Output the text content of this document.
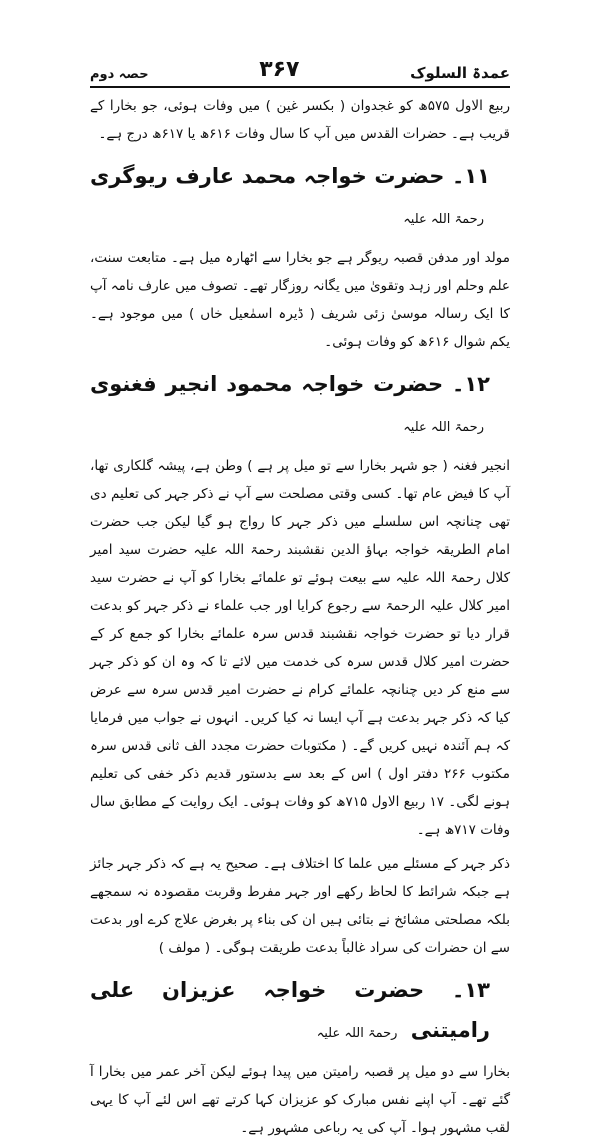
عمدۃ السلوک
۳۶۷
حصہ دوم

ربیع الاول ۵۷۵ھ کو غجدوان ( بکسر غین ) میں وفات ہوئی، جو بخارا کے قریب ہے۔ حضرات القدس میں آپ کا سال وفات ۶۱۶ھ یا ۶۱۷ھ درج ہے۔

۱۱۔ حضرت خواجہ محمد عارف ریوگری رحمۃ اللہ علیہ

مولد اور مدفن قصبہ ریوگر ہے جو بخارا سے اٹھارہ میل ہے۔ متابعت سنت، علم وحلم اور زہد وتقویٰ میں یگانہ روزگار تھے۔ تصوف میں عارف نامہ آپ کا ایک رسالہ موسیٰ زئی شریف ( ڈیرہ اسمٰعیل خاں ) میں موجود ہے۔ یکم شوال ۶۱۶ھ کو وفات ہوئی۔

۱۲۔ حضرت خواجہ محمود انجیر فغنوی رحمۃ اللہ علیہ

انجیر فغنہ ( جو شہر بخارا سے تو میل پر ہے ) وطن ہے، پیشہ گلکاری تھا، آپ کا فیض عام تھا۔ کسی وقتی مصلحت سے آپ نے ذکر جہر کی تعلیم دی تھی چنانچہ اس سلسلے میں ذکر جہر کا رواج ہو گیا لیکن جب حضرت امام الطریقہ خواجہ بہاؤ الدین نقشبند رحمۃ اللہ علیہ حضرت سید امیر کلال رحمۃ اللہ علیہ سے بیعت ہوئے تو علمائے بخارا کو آپ نے حضرت سید امیر کلال علیہ الرحمۃ سے رجوع کرایا اور جب علماء نے ذکر جہر کو بدعت قرار دیا تو حضرت خواجہ نقشبند قدس سرہ علمائے بخارا کو جمع کر کے حضرت امیر کلال قدس سرہ کی خدمت میں لائے تا کہ وہ ان کو ذکر جہر سے منع کر دیں چنانچہ علمائے کرام نے حضرت امیر قدس سرہ سے عرض کیا کہ ذکر جہر بدعت ہے آپ ایسا نہ کیا کریں۔ انہوں نے جواب میں فرمایا کہ ہم آئندہ نہیں کریں گے۔ ( مکتوبات حضرت مجدد الف ثانی قدس سرہ مکتوب ۲۶۶ دفتر اول ) اس کے بعد سے بدستور قدیم ذکر خفی کی تعلیم ہونے لگی۔ ۱۷ ربیع الاول ۷۱۵ھ کو وفات ہوئی۔ ایک روایت کے مطابق سال وفات ۷۱۷ھ ہے۔

ذکر جہر کے مسئلے میں علما کا اختلاف ہے۔ صحیح یہ ہے کہ ذکر جہر جائز ہے جبکہ شرائط کا لحاظ رکھے اور جہر مفرط وقربت مقصودہ نہ سمجھے بلکہ مصلحتی مشائخ نے بتائی ہیں ان کی بناء پر بغرض علاج کرے اور بدعت سے ان حضرات کی سراد غالباً بدعت طریقت ہوگی۔ ( مولف )

۱۳۔ حضرت خواجہ عزیزان علی رامیتنی رحمۃ اللہ علیہ

بخارا سے دو میل پر قصبہ رامیتن میں پیدا ہوئے لیکن آخر عمر میں بخارا آ گئے تھے۔ آپ اپنے نفس مبارک کو عزیزان کہا کرتے تھے اس لئے آپ کا یہی لقب مشہور ہوا۔ آپ کی یہ رباعی مشہور ہے۔
